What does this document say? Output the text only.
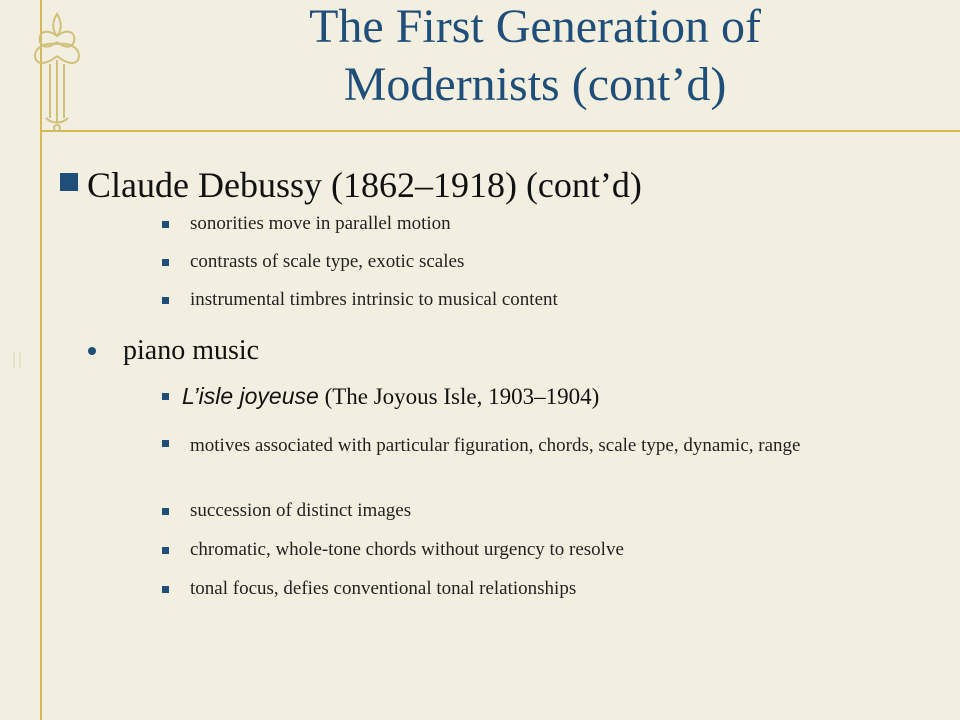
The First Generation of
Modernists (cont’d)
Claude Debussy (1862–1918) (cont’d)
sonorities move in parallel motion
contrasts of scale type, exotic scales
instrumental timbres intrinsic to musical content
piano music
L’isle joyeuse (The Joyous Isle, 1903–1904)
motives associated with particular figuration, chords, scale type, dynamic, range
succession of distinct images
chromatic, whole-tone chords without urgency to resolve
tonal focus, defies conventional tonal relationships
